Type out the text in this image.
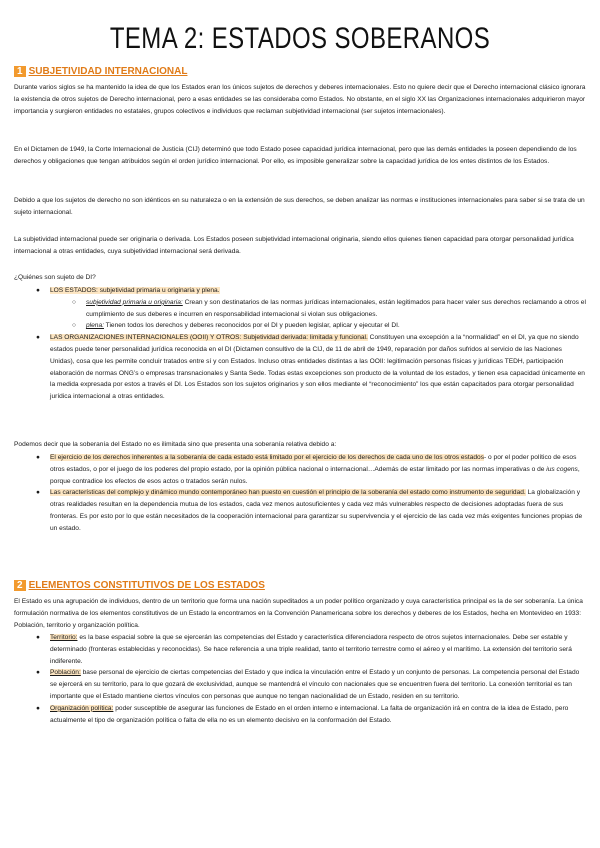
TEMA 2: ESTADOS SOBERANOS
1 SUBJETIVIDAD INTERNACIONAL
Durante varios siglos se ha mantenido la idea de que los Estados eran los únicos sujetos de derechos y deberes internacionales. Esto no quiere decir que el Derecho internacional clásico ignorara la existencia de otros sujetos de Derecho internacional, pero a esas entidades se las consideraba como Estados. No obstante, en el siglo XX las Organizaciones internacionales adquirieron mayor importancia y surgieron entidades no estatales, grupos colectivos e individuos que reclaman subjetividad internacional (ser sujetos internacionales).
En el Dictamen de 1949, la Corte Internacional de Justicia (CIJ) determinó que todo Estado posee capacidad jurídica internacional, pero que las demás entidades la poseen dependiendo de los derechos y obligaciones que tengan atribuidos según el orden jurídico internacional. Por ello, es imposible generalizar sobre la capacidad jurídica de los entes distintos de los Estados.
Debido a que los sujetos de derecho no son idénticos en su naturaleza o en la extensión de sus derechos, se deben analizar las normas e instituciones internacionales para saber si se trata de un sujeto internacional.
La subjetividad internacional puede ser originaria o derivada. Los Estados poseen subjetividad internacional originaria, siendo ellos quienes tienen capacidad para otorgar personalidad jurídica internacional a otras entidades, cuya subjetividad internacional será derivada.
¿Quiénes son sujeto de DI?
● LOS ESTADOS: subjetividad primaria u originaria y plena.
○ subjetividad primaria u originaria: Crean y son destinatarios de las normas jurídicas internacionales, están legitimados para hacer valer sus derechos reclamando a otros el cumplimiento de sus deberes e incurren en responsabilidad internacional si violan sus obligaciones.
○ plena: Tienen todos los derechos y deberes reconocidos por el DI y pueden legislar, aplicar y ejecutar el DI.
● LAS ORGANIZACIONES INTERNACIONALES (OOII) Y OTROS: Subjetividad derivada: limitada y funcional. Constituyen una excepción a la “normalidad” en el DI, ya que no siendo estados puede tener personalidad jurídica reconocida en el DI (Dictamen consultivo de la CIJ, de 11 de abril de 1949, reparación por daños sufridos al servicio de las Naciones Unidas), cosa que les permite concluir tratados entre sí y con Estados. Incluso otras entidades distintas a las OOII: legitimación personas físicas y jurídicas TEDH, participación elaboración de normas ONG’s o empresas transnacionales y Santa Sede. Todas estas excepciones son producto de la voluntad de los estados, y tienen esa capacidad únicamente en la medida expresada por estos a través el DI. Los Estados son los sujetos originarios y son ellos mediante el “reconocimiento” los que están capacitados para otorgar personalidad jurídica internacional a otras entidades.
Podemos decir que la soberanía del Estado no es ilimitada sino que presenta una soberanía relativa debido a:
● El ejercicio de los derechos inherentes a la soberanía de cada estado está limitado por el ejercicio de los derechos de cada uno de los otros estados- o por el poder político de esos otros estados, o por el juego de los poderes del propio estado, por la opinión pública nacional o internacional…Además de estar limitado por las normas imperativas o de ius cogens, porque contradice los efectos de esos actos o tratados serán nulos.
● Las características del complejo y dinámico mundo contemporáneo han puesto en cuestión el principio de la soberanía del estado como instrumento de seguridad. La globalización y otras realidades resultan en la dependencia mutua de los estados, cada vez menos autosuficientes y cada vez más vulnerables respecto de decisiones adoptadas fuera de sus fronteras. Es por esto por lo que están necesitados de la cooperación internacional para garantizar su supervivencia y el ejercicio de las cada vez más exigentes funciones propias de un estado.
2 ELEMENTOS CONSTITUTIVOS DE LOS ESTADOS
El Estado es una agrupación de individuos, dentro de un territorio que forma una nación supeditados a un poder político organizado y cuya característica principal es la de ser soberanía. La única formulación normativa de los elementos constitutivos de un Estado la encontramos en la Convención Panamericana sobre los derechos y deberes de los Estados, hecha en Montevideo en 1933: Población, territorio y organización política.
● Territorio: es la base espacial sobre la que se ejercerán las competencias del Estado y característica diferenciadora respecto de otros sujetos internacionales. Debe ser estable y determinado (fronteras establecidas y reconocidas). Se hace referencia a una triple realidad, tanto el territorio terrestre como el aéreo y el marítimo. La extensión del territorio será indiferente.
● Población: base personal de ejercicio de ciertas competencias del Estado y que indica la vinculación entre el Estado y un conjunto de personas. La competencia personal del Estado se ejercerá en su territorio, para lo que gozará de exclusividad, aunque se mantendrá el vínculo con nacionales que se encuentren fuera del territorio. La conexión territorial es tan importante que el Estado mantiene ciertos vínculos con personas que aunque no tengan nacionalidad de un Estado, residen en su territorio.
● Organización política: poder susceptible de asegurar las funciones de Estado en el orden interno e internacional. La falta de organización irá en contra de la idea de Estado, pero actualmente el tipo de organización política o falta de ella no es un elemento decisivo en la conformación del Estado.
